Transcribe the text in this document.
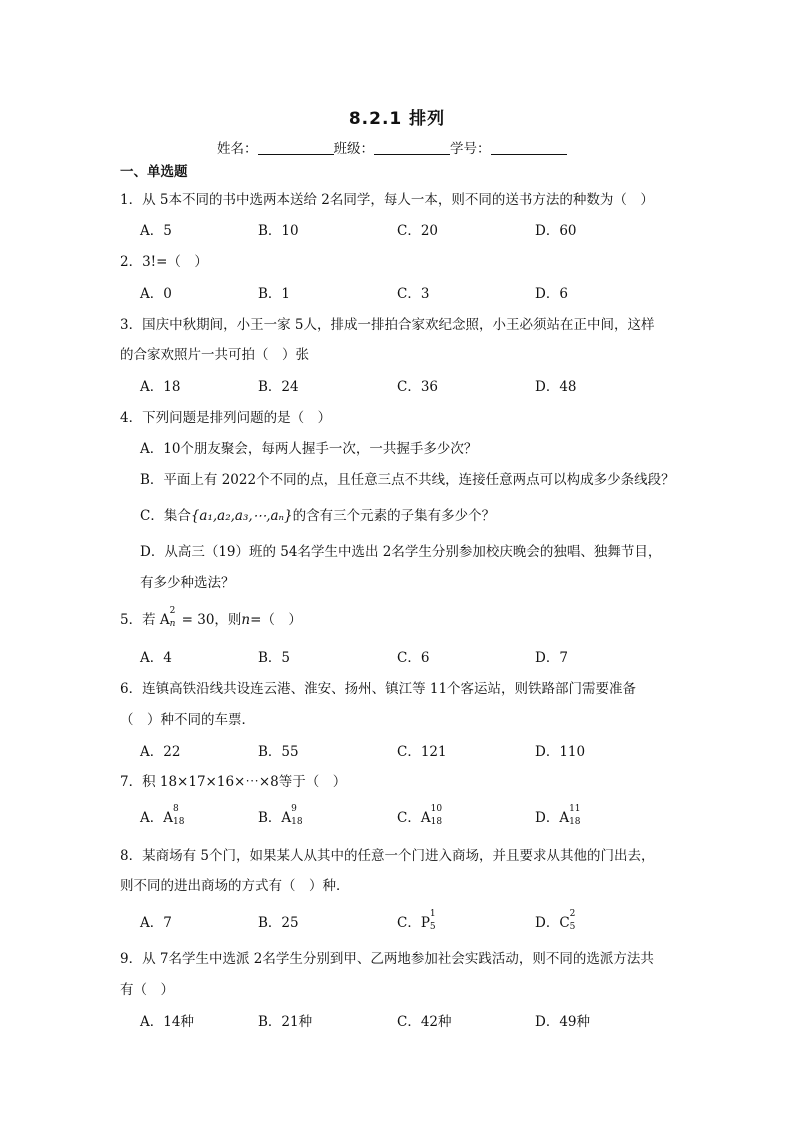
8.2.1 排列
姓名：	班级：	学号：
一、单选题
1．从 5本不同的书中选两本送给 2名同学，每人一本，则不同的送书方法的种数为（　）
A．5	B．10	C．20	D．60
2．3!=（　）
A．0	B．1	C．3	D．6
3．国庆中秋期间，小王一家 5人，排成一排拍合家欢纪念照，小王必须站在正中间，这样
的合家欢照片一共可拍（　）张
A．18	B．24	C．36	D．48
4．下列问题是排列问题的是（　）
A．10个朋友聚会，每两人握手一次，一共握手多少次？
B．平面上有 2022个不同的点，且任意三点不共线，连接任意两点可以构成多少条线段？
C．集合{a₁,a₂,a₃,⋯,aₙ}的含有三个元素的子集有多少个？
D．从高三（19）班的 54名学生中选出 2名学生分别参加校庆晚会的独唱、独舞节目，
有多少种选法？
5．若 A
2
n = 30，则n=（　）
A．4	B．5	C．6	D．7
6．连镇高铁沿线共设连云港、淮安、扬州、镇江等 11个客运站，则铁路部门需要准备
（　）种不同的车票．
A．22	B．55	C．121	D．110
7．积 18×17×16×⋯×8等于（　）
A．A
8
18	B．A
9
18	C．A
10
18	D．A
11
18
8．某商场有 5个门，如果某人从其中的任意一个门进入商场，并且要求从其他的门出去，
则不同的进出商场的方式有（　）种．
A．7	B．25	C．P
1
5	D．C
2
5
9．从 7名学生中选派 2名学生分别到甲、乙两地参加社会实践活动，则不同的选派方法共
有（　）
A．14种	B．21种	C．42种	D．49种
